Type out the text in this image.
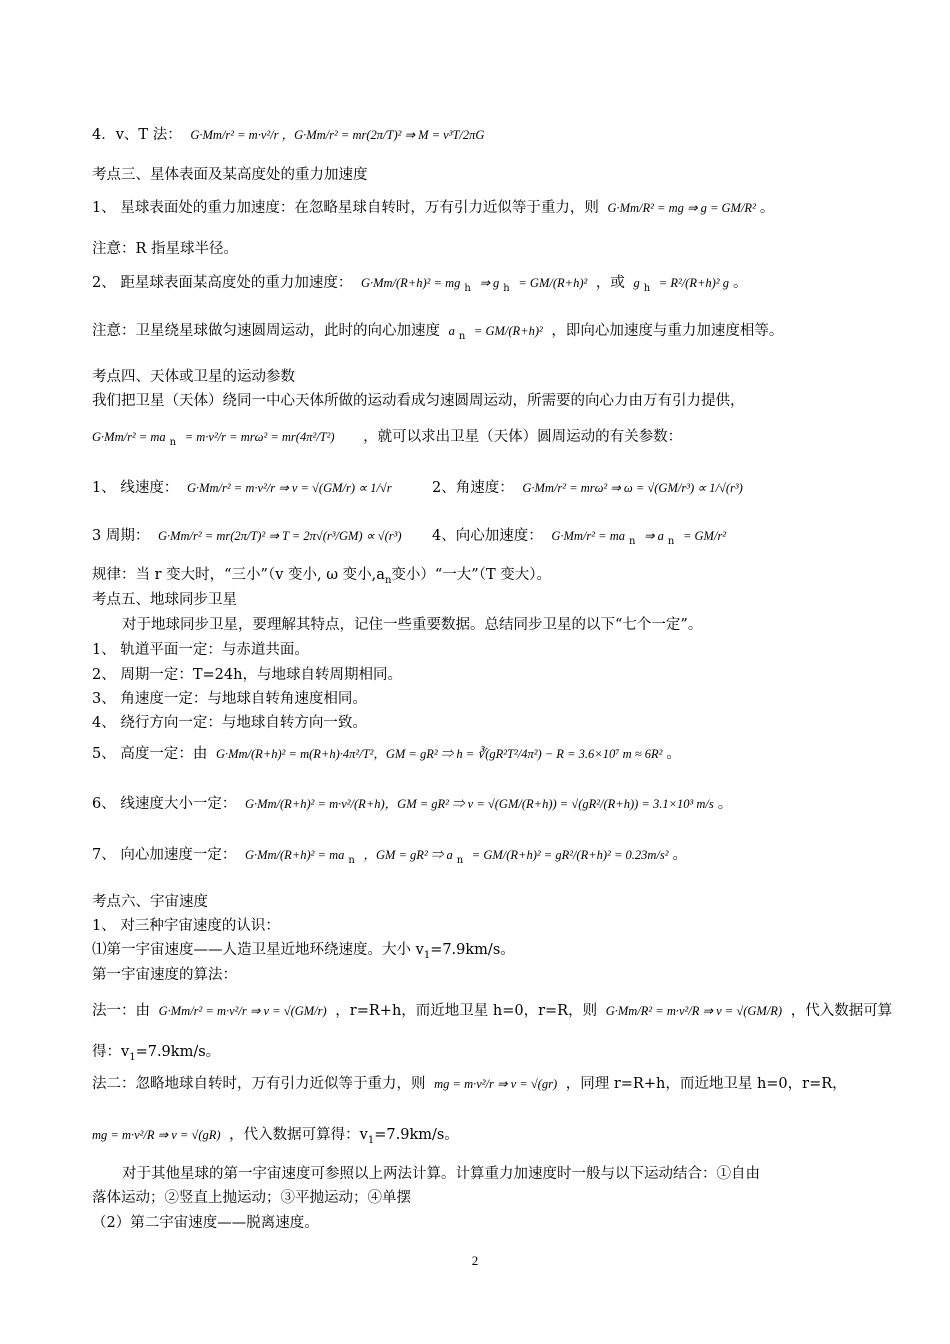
4．v、T 法： G·Mm/r² = m·v²/r ，G·Mm/r² = mr(2π/T)² ⇒ M = v³T/2πG
考点三、星体表面及某高度处的重力加速度
1、 星球表面处的重力加速度：在忽略星球自转时，万有引力近似等于重力，则 G·Mm/R² = mg ⇒ g = GM/R² 。
注意：R 指星球半径。
2、 距星球表面某高度处的重力加速度： G·Mm/(R+h)² = mg $_h$ ⇒ g $_h$ = GM/(R+h)² ，或 g $_h$ = R²/(R+h)² g 。
注意：卫星绕星球做匀速圆周运动，此时的向心加速度 a $_n$ = GM/(R+h)² ，即向心加速度与重力加速度相等。
考点四、天体或卫星的运动参数
我们把卫星（天体）绕同一中心天体所做的运动看成匀速圆周运动，所需要的向心力由万有引力提供，
G·Mm/r² = ma $_n$ = m·v²/r = mrω² = mr(4π²/T²) ，就可以求出卫星（天体）圆周运动的有关参数：
1、 线速度： G·Mm/r² = m·v²/r ⇒ v = √(GM/r) ∝ 1/√r	2、角速度： G·Mm/r² = mrω² ⇒ ω = √(GM/r³) ∝ 1/√(r³)
3 周期： G·Mm/r² = mr(2π/T)² ⇒ T = 2π√(r³/GM) ∝ √(r³)	4、向心加速度： G·Mm/r² = ma $_n$ ⇒ a $_n$ = GM/r²
规律：当 r 变大时，“三小”（v 变小, ω 变小$,a_n$变小）“一大”（T 变大）。
考点五、地球同步卫星
对于地球同步卫星，要理解其特点，记住一些重要数据。总结同步卫星的以下“七个一定”。
1、 轨道平面一定：与赤道共面。
2、 周期一定：T=24h，与地球自转周期相同。
3、 角速度一定：与地球自转角速度相同。
4、 绕行方向一定：与地球自转方向一致。
5、 高度一定：由 G·Mm/(R+h)² = m(R+h)·4π²/T²，GM = gR² ⇒ h = ∛(gR²T²/4π²) − R = 3.6×10⁷ m ≈ 6R² 。
6、 线速度大小一定： G·Mm/(R+h)² = m·v²/(R+h)，GM = gR² ⇒ v = √(GM/(R+h)) = √(gR²/(R+h)) = 3.1×10³ m/s 。
7、 向心加速度一定： G·Mm/(R+h)² = ma $_n$ ，GM = gR² ⇒ a $_n$ = GM/(R+h)² = gR²/(R+h)² = 0.23m/s² 。
考点六、宇宙速度
1、 对三种宇宙速度的认识：
⑴第一宇宙速度——人造卫星近地环绕速度。大小 $v_1=7.9km/s$。
第一宇宙速度的算法：
法一：由 G·Mm/r² = m·v²/r ⇒ v = √(GM/r) ，r=R+h，而近地卫星 h=0，r=R，则 G·Mm/R² = m·v²/R ⇒ v = √(GM/R) ，代入数据可算
得：$v_1=7.9km/s$。
法二：忽略地球自转时，万有引力近似等于重力，则 mg = m·v²/r ⇒ v = √(gr) ，同理 r=R+h，而近地卫星 h=0，r=R，
mg = m·v²/R ⇒ v = √(gR) ，代入数据可算得：$v_1=7.9km/s$。
对于其他星球的第一宇宙速度可参照以上两法计算。计算重力加速度时一般与以下运动结合：①自由
落体运动；②竖直上抛运动；③平抛运动；④单摆
（2）第二宇宙速度——脱离速度。
2
